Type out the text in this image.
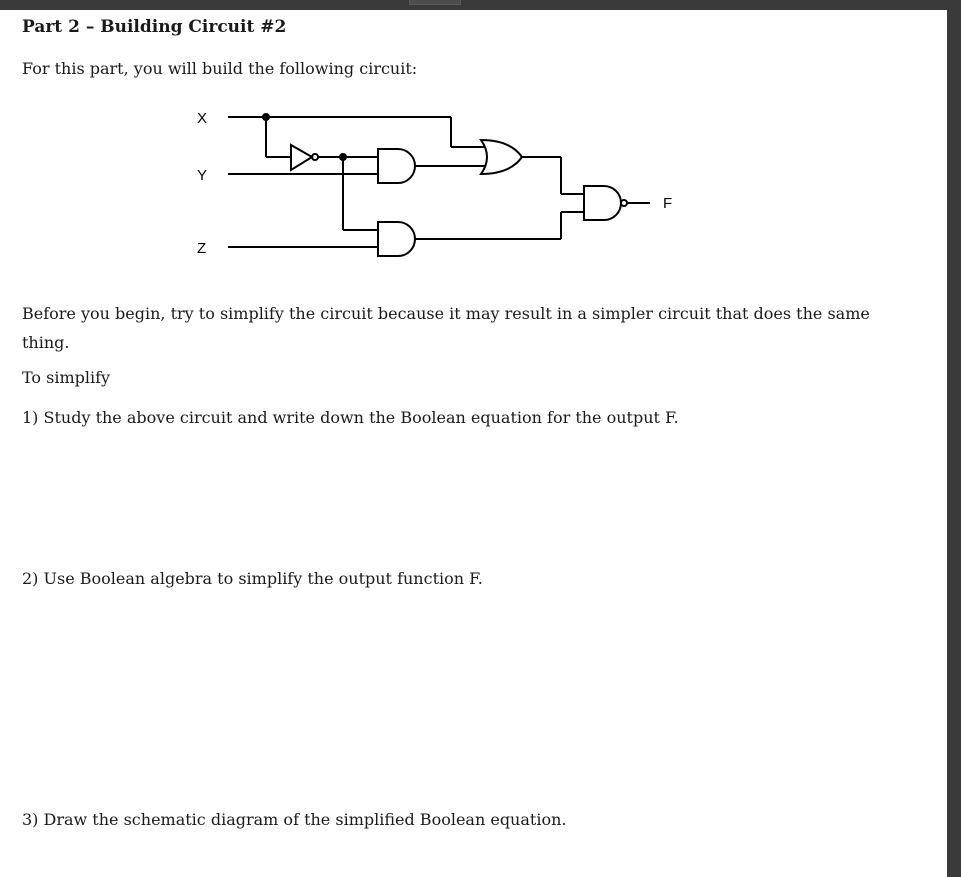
Part 2 – Building Circuit #2
For this part, you will build the following circuit:
X
Y
Z
F
Before you begin, try to simplify the circuit because it may result in a simpler circuit that does the same thing.
To simplify
1) Study the above circuit and write down the Boolean equation for the output F.
2) Use Boolean algebra to simplify the output function F.
3) Draw the schematic diagram of the simplified Boolean equation.
